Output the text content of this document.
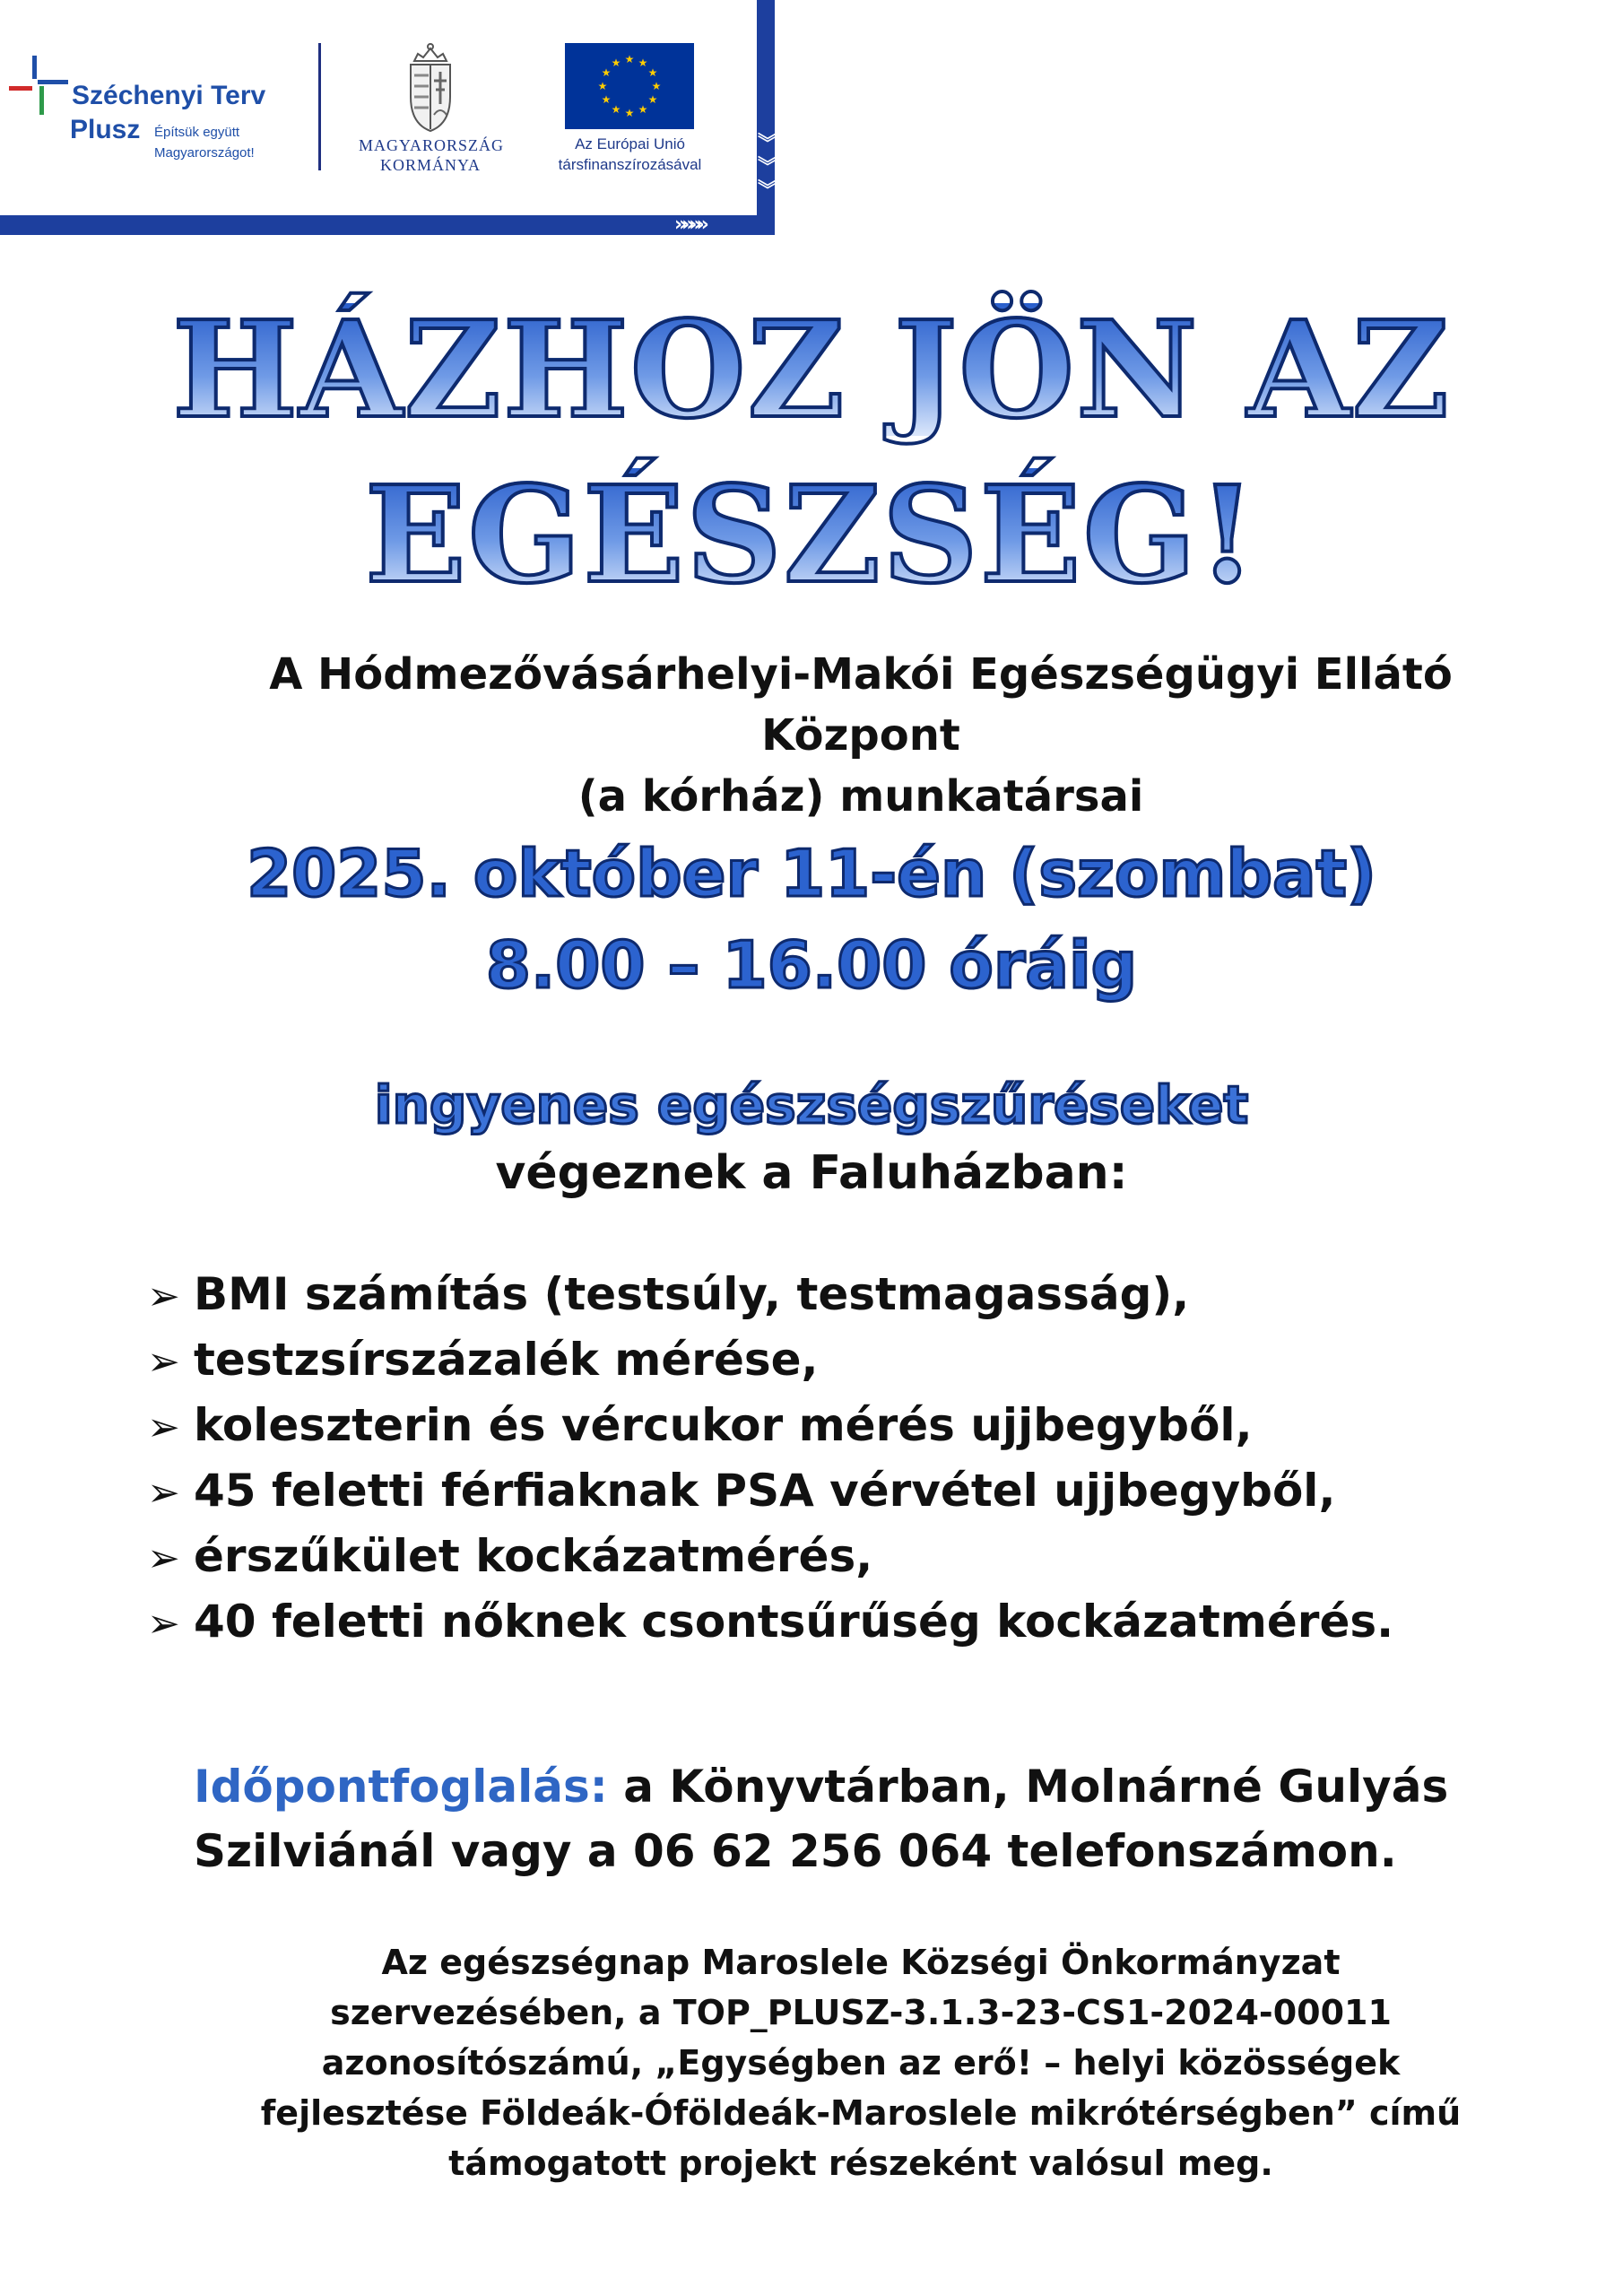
Széchenyi Terv
Plusz Építsük együtt
Magyarországot!	MAGYARORSZÁG
KORMÁNYA
★ ★
★
★
★
★
★
★
★
★
★
★
Az Európai Unió
társfinanszírozásával
︾
︾
︾
»»»»
HÁZHOZ JÖN AZ
EGÉSZSÉG!
A Hódmezővásárhelyi-Makói Egészségügyi Ellátó
Központ
(a kórház) munkatársai
2025. október 11-én (szombat)
8.00 – 16.00 óráig
ingyenes egészségszűréseket
végeznek a Faluházban:
➢ BMI számítás (testsúly, testmagasság),
➢ testzsírszázalék mérése,
➢ koleszterin és vércukor mérés ujjbegyből,
➢ 45 feletti férfiaknak PSA vérvétel ujjbegyből,
➢ érszűkület kockázatmérés,
➢ 40 feletti nőknek csontsűrűség kockázatmérés.
Időpontfoglalás: a Könyvtárban, Molnárné Gulyás Szilviánál vagy a 06 62 256 064 telefonszámon.
Az egészségnap Maroslele Községi Önkormányzat
szervezésében, a TOP_PLUSZ-3.1.3-23-CS1-2024-00011
azonosítószámú, „Egységben az erő! – helyi közösségek
fejlesztése Földeák-Óföldeák-Maroslele mikrótérségben” című
támogatott projekt részeként valósul meg.
